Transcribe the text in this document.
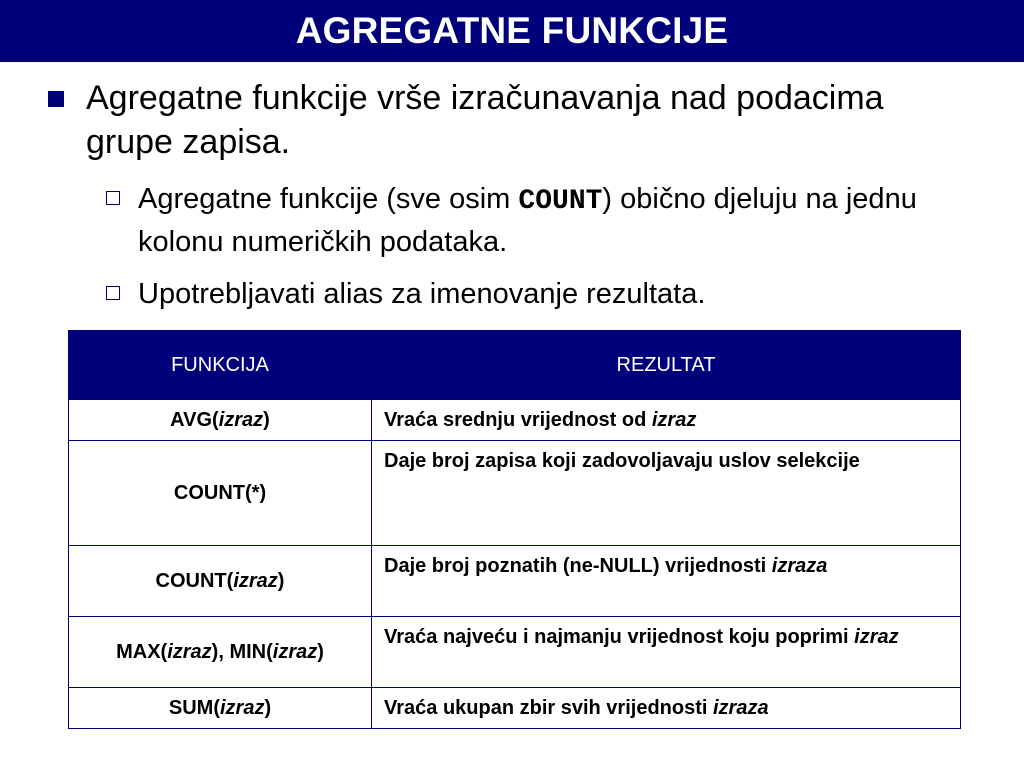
AGREGATNE FUNKCIJE
Agregatne funkcije vrše izračunavanja nad podacima grupe zapisa.
Agregatne funkcije (sve osim COUNT) obično djeluju na jednu kolonu numeričkih podataka.
Upotrebljavati alias za imenovanje rezultata.
FUNKCIJA	REZULTAT
AVG(izraz)	Vraća srednju vrijednost od izraz
COUNT(*)	Daje broj zapisa koji zadovoljavaju uslov selekcije
COUNT(izraz)	Daje broj poznatih (ne-NULL) vrijednosti izraza
MAX(izraz), MIN(izraz)	Vraća najveću i najmanju vrijednost koju poprimi izraz
SUM(izraz)	Vraća ukupan zbir svih vrijednosti izraza
